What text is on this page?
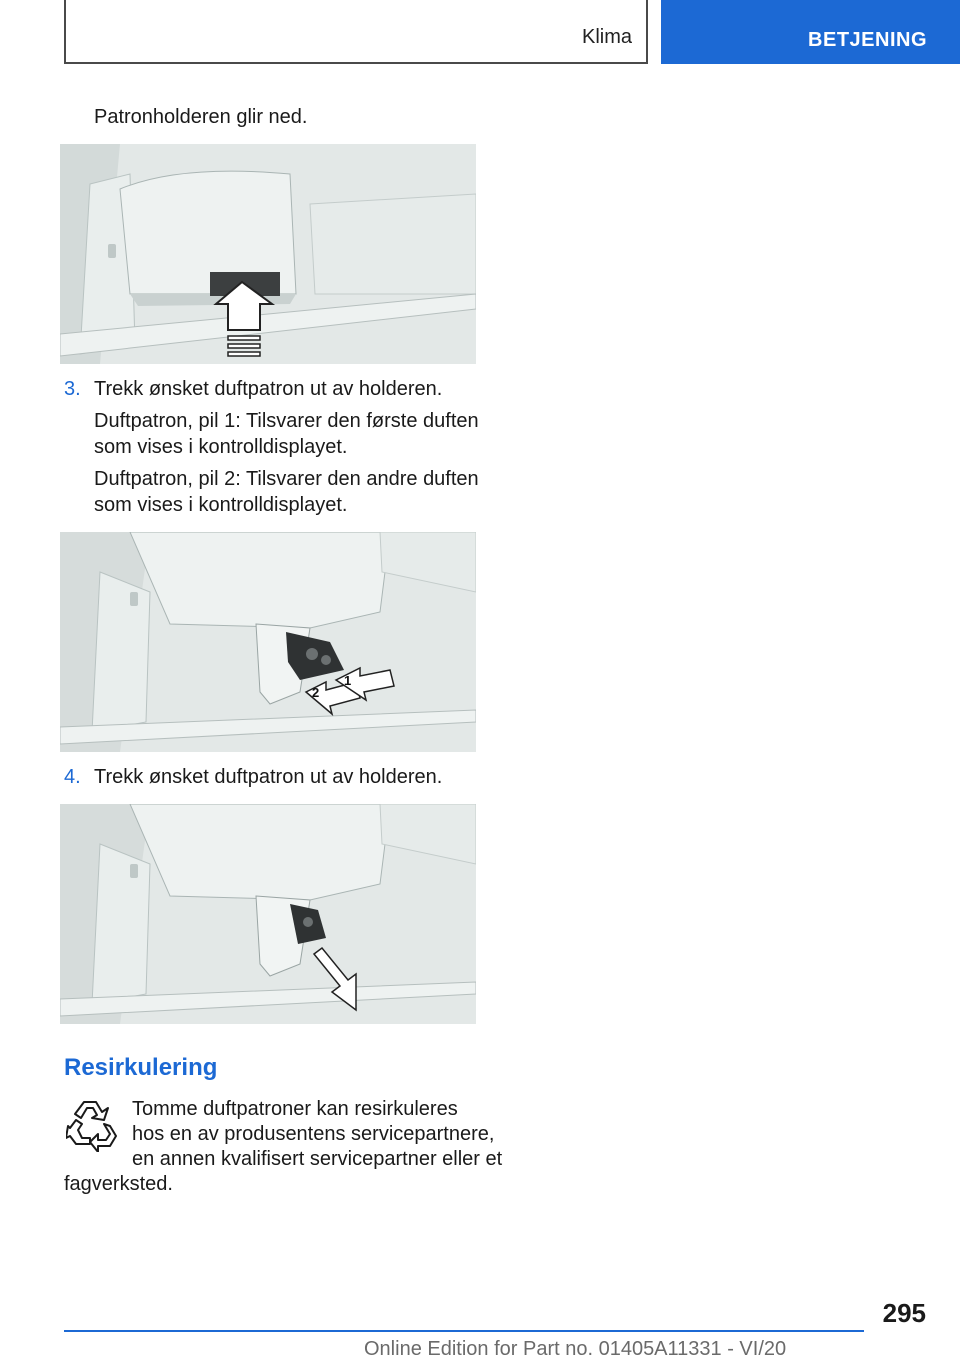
Klima	BETJENING
Patronholderen glir ned.
3. Trekk ønsket duftpatron ut av holderen.
Duftpatron, pil 1: Tilsvarer den første duften
som vises i kontrolldisplayet.
Duftpatron, pil 2: Tilsvarer den andre duften
som vises i kontrolldisplayet.
2
1
4. Trekk ønsket duftpatron ut av holderen.
Resirkulering
Tomme duftpatroner kan resirkuleres
hos en av produsentens servicepartnere,
en annen kvalifisert servicepartner eller et
fagverksted.
295
Online Edition for Part no. 01405A11331 - VI/20
